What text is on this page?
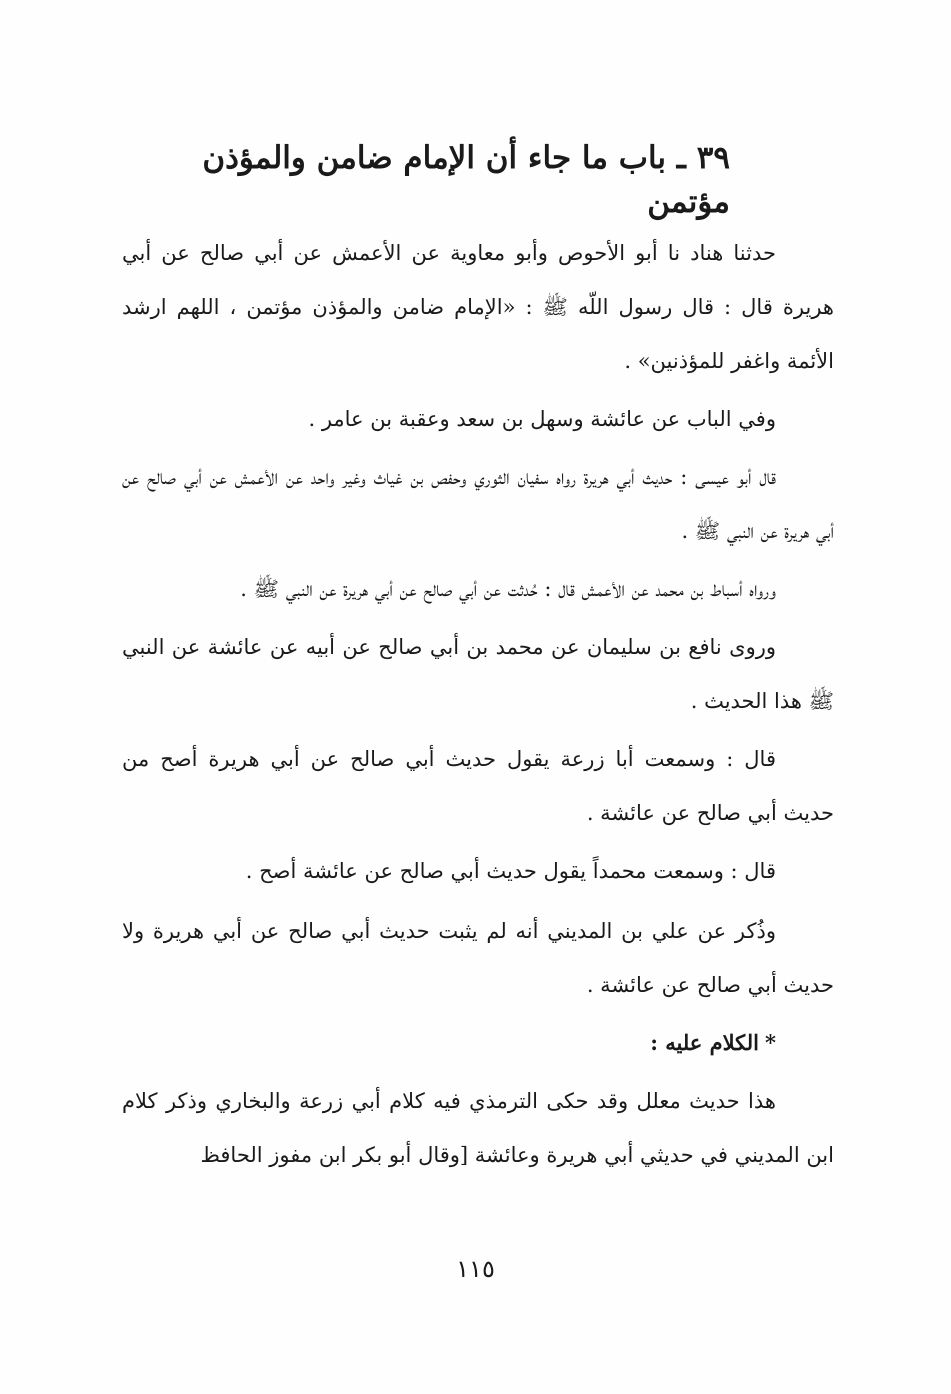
٣٩ ـ باب ما جاء أن الإمام ضامن والمؤذن مؤتمن

حدثنا هناد نا أبو الأحوص وأبو معاوية عن الأعمش عن أبي صالح عن أبي هريرة قال : قال رسول اللّه ﷺ : «الإمام ضامن والمؤذن مؤتمن ، اللهم ارشد الأئمة واغفر للمؤذنين» .

وفي الباب عن عائشة وسهل بن سعد وعقبة بن عامر .

قال أبو عيسى : حديث أبي هريرة رواه سفيان الثوري وحفص بن غياث وغير واحد عن الأعمش عن أبي صالح عن أبي هريرة عن النبي ﷺ .

ورواه أسباط بن محمد عن الأعمش قال : حُدثت عن أبي صالح عن أبي هريرة عن النبي ﷺ .

وروى نافع بن سليمان عن محمد بن أبي صالح عن أبيه عن عائشة عن النبي ﷺ هذا الحديث .

قال : وسمعت أبا زرعة يقول حديث أبي صالح عن أبي هريرة أصح من حديث أبي صالح عن عائشة .

قال : وسمعت محمداً يقول حديث أبي صالح عن عائشة أصح .

وذُكر عن علي بن المديني أنه لم يثبت حديث أبي صالح عن أبي هريرة ولا حديث أبي صالح عن عائشة .

*الكلام عليه :

هذا حديث معلل وقد حكى الترمذي فيه كلام أبي زرعة والبخاري وذكر كلام ابن المديني في حديثي أبي هريرة وعائشة [وقال أبو بكر ابن مفوز الحافظ

١١٥
